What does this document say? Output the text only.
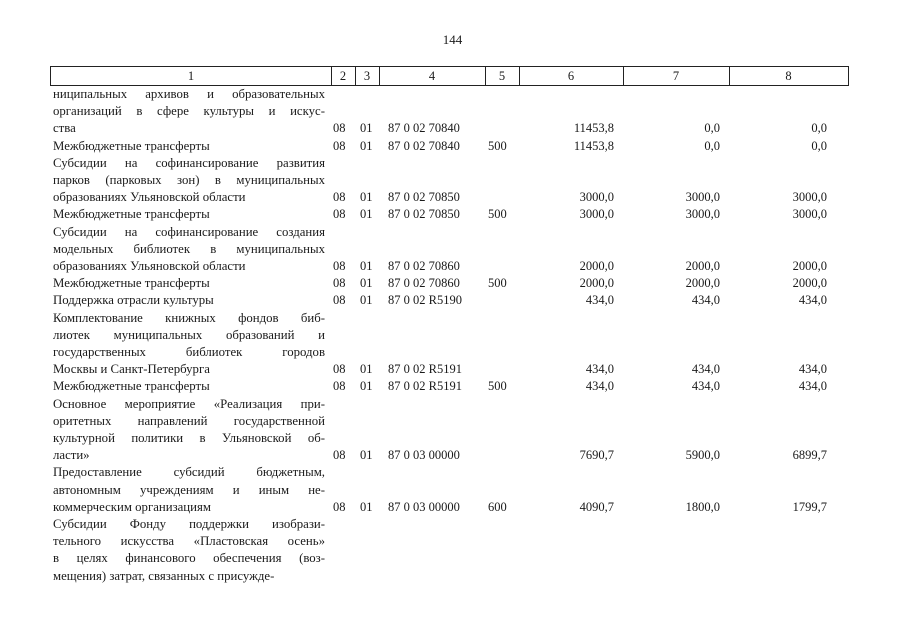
144
1	2	3	4	5	6	7	8
ниципальных архивов и образовательных
организаций в сфере культуры и искус-
ства	08 01 87 0 02 70840	11453,8	0,0	0,0
Межбюджетные трансферты	08 01 87 0 02 70840	500	11453,8	0,0	0,0
Субсидии на софинансирование развития
парков (парковых зон) в муниципальных
образованиях Ульяновской области	08 01 87 0 02 70850	3000,0	3000,0	3000,0
Межбюджетные трансферты	08 01 87 0 02 70850	500	3000,0	3000,0	3000,0
Субсидии на софинансирование создания
модельных библиотек в муниципальных
образованиях Ульяновской области	08 01 87 0 02 70860	2000,0	2000,0	2000,0
Межбюджетные трансферты	08 01 87 0 02 70860	500	2000,0	2000,0	2000,0
Поддержка отрасли культуры	08 01 87 0 02 R5190	434,0	434,0	434,0
Комплектование книжных фондов биб-
лиотек муниципальных образований и
государственных библиотек городов
Москвы и Санкт-Петербурга	08 01 87 0 02 R5191	434,0	434,0	434,0
Межбюджетные трансферты	08 01 87 0 02 R5191	500	434,0	434,0	434,0
Основное мероприятие «Реализация при-
оритетных направлений государственной
культурной политики в Ульяновской об-
ласти»	08 01 87 0 03 00000	7690,7	5900,0	6899,7
Предоставление субсидий бюджетным,
автономным учреждениям и иным не-
коммерческим организациям	08 01 87 0 03 00000	600	4090,7	1800,0	1799,7
Субсидии Фонду поддержки изобрази-
тельного искусства «Пластовская осень»
в целях финансового обеспечения (воз-
мещения) затрат, связанных с присужде-
